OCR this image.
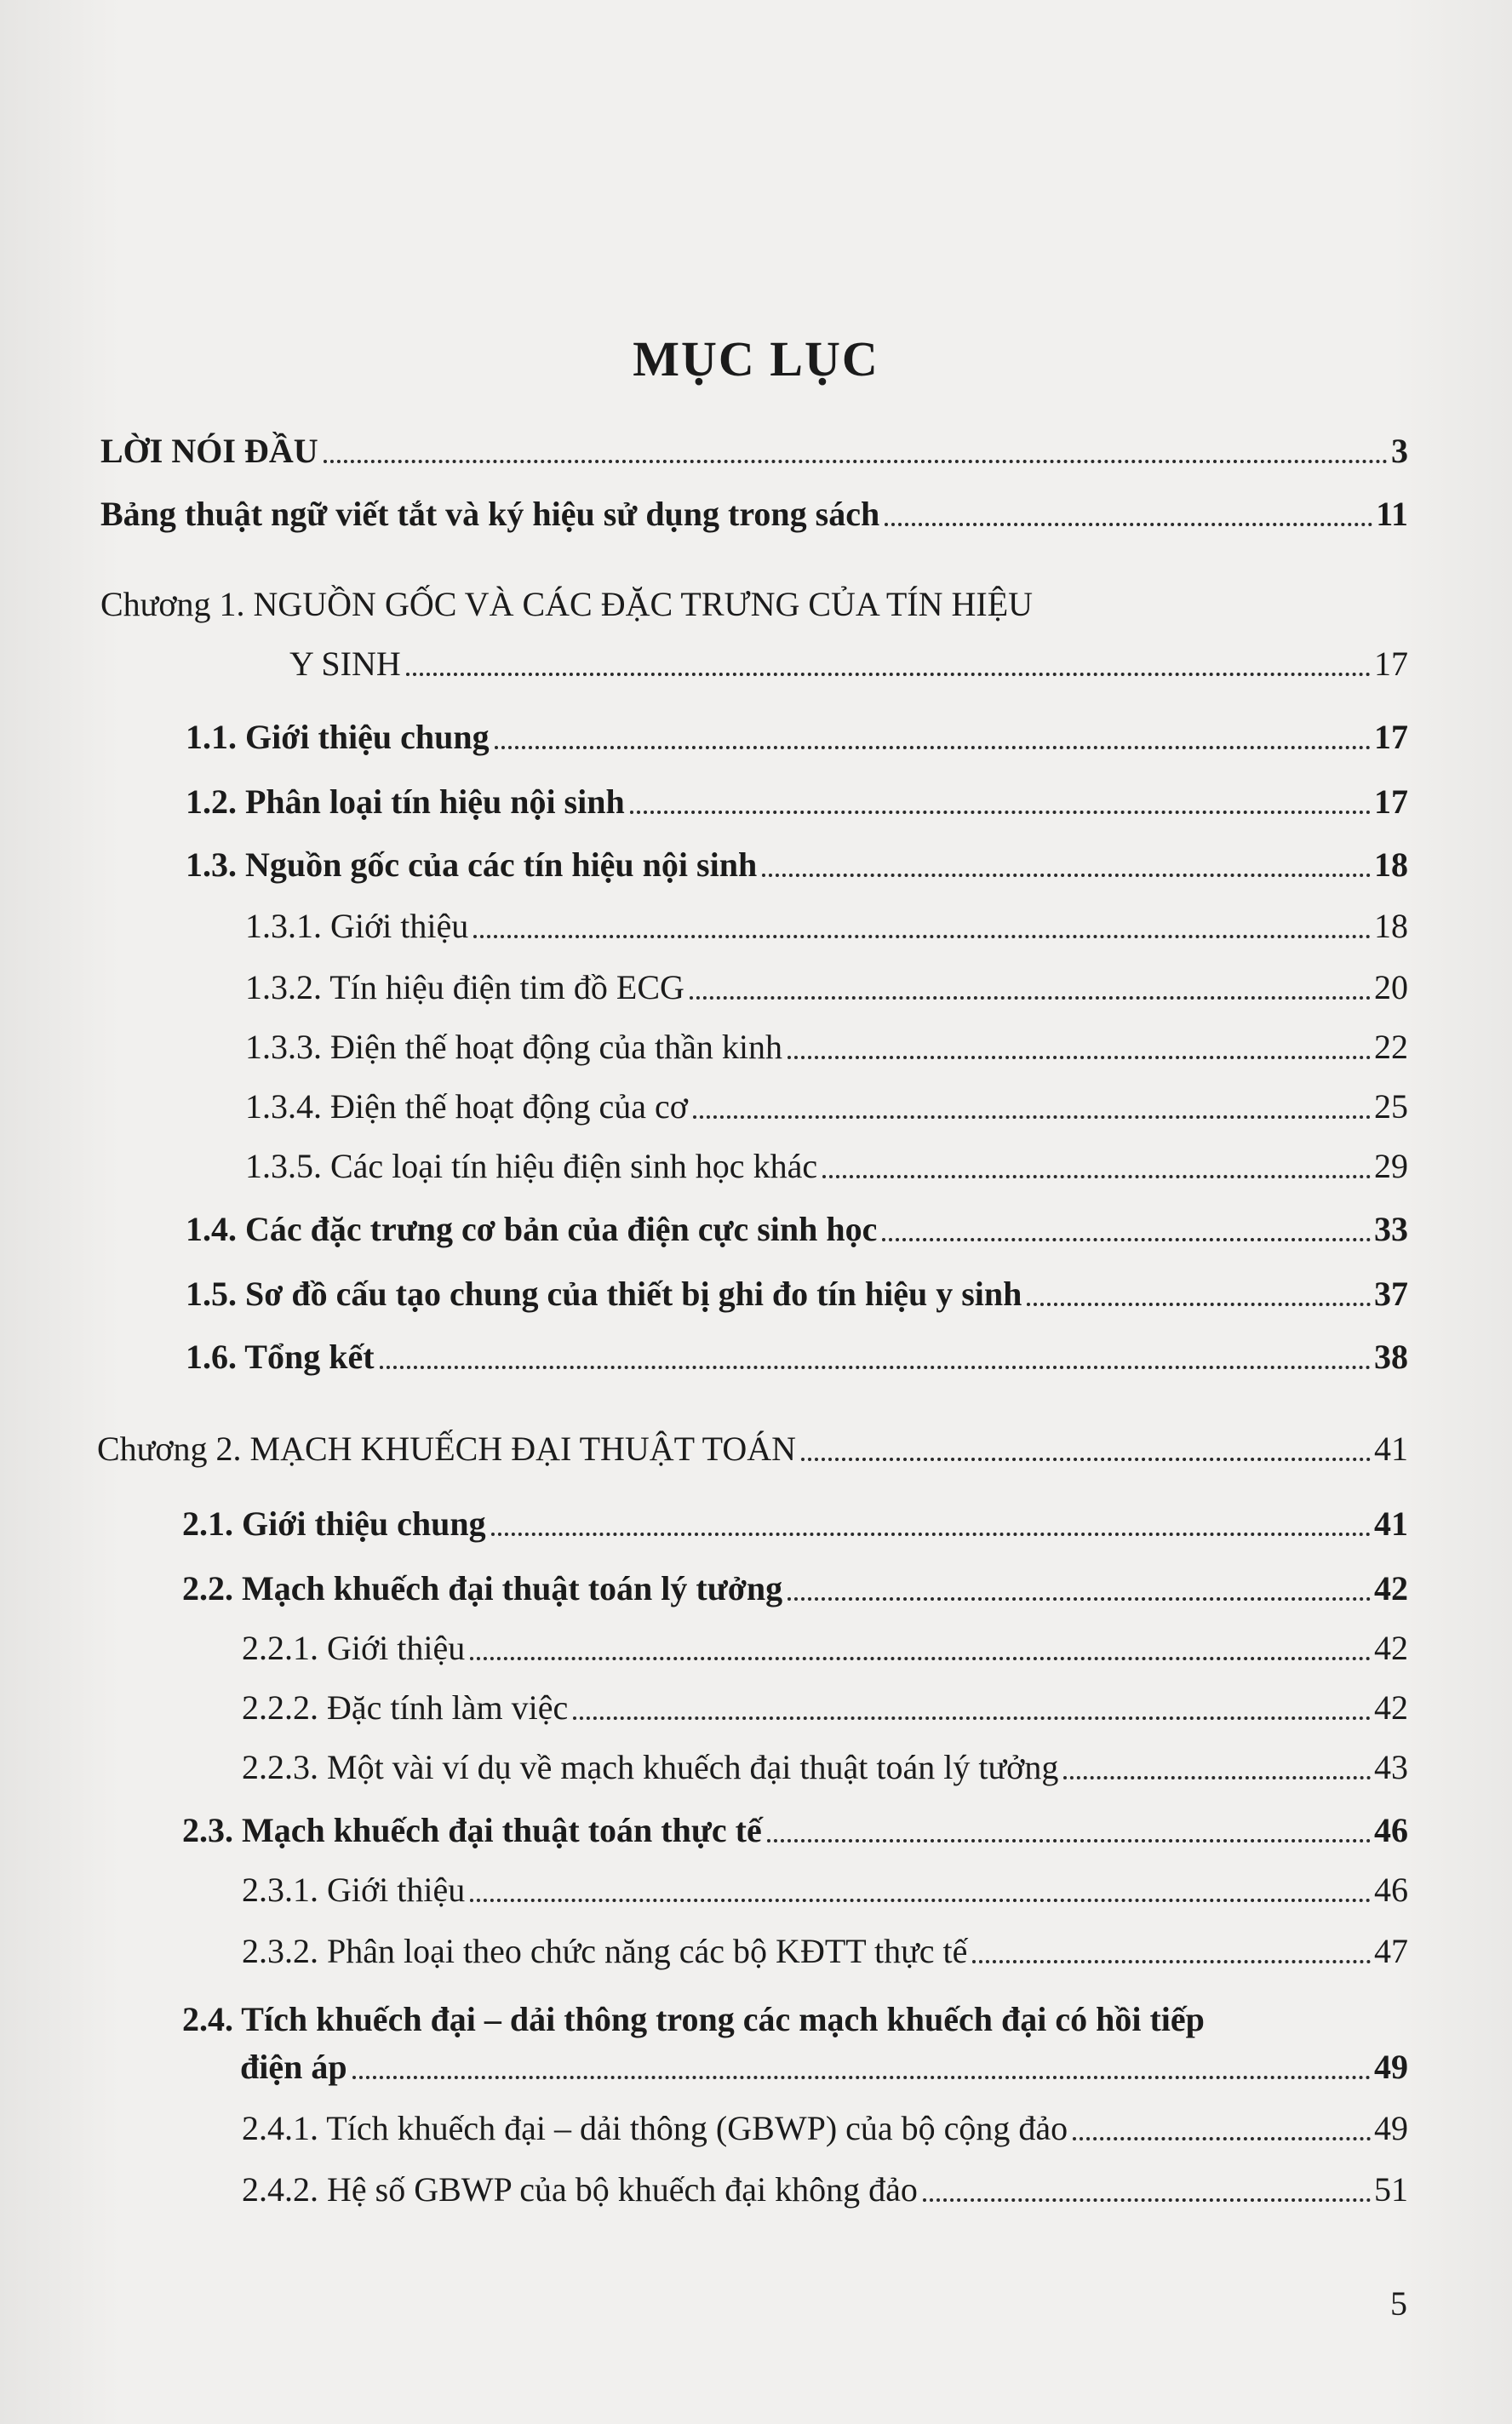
MỤC LỤC
LỜI NÓI ĐẦU	3
Bảng thuật ngữ viết tắt và ký hiệu sử dụng trong sách	11
Chương 1. NGUỒN GỐC VÀ CÁC ĐẶC TRƯNG CỦA TÍN HIỆU
Y SINH	17
1.1. Giới thiệu chung	17
1.2. Phân loại tín hiệu nội sinh	17
1.3. Nguồn gốc của các tín hiệu nội sinh	18
1.3.1. Giới thiệu	18
1.3.2. Tín hiệu điện tim đồ ECG	20
1.3.3. Điện thế hoạt động của thần kinh	22
1.3.4. Điện thế hoạt động của cơ	25
1.3.5. Các loại tín hiệu điện sinh học khác	29
1.4. Các đặc trưng cơ bản của điện cực sinh học	33
1.5. Sơ đồ cấu tạo chung của thiết bị ghi đo tín hiệu y sinh	37
1.6. Tổng kết	38
Chương 2. MẠCH KHUẾCH ĐẠI THUẬT TOÁN	41
2.1. Giới thiệu chung	41
2.2. Mạch khuếch đại thuật toán lý tưởng	42
2.2.1. Giới thiệu	42
2.2.2. Đặc tính làm việc	42
2.2.3. Một vài ví dụ về mạch khuếch đại thuật toán lý tưởng	43
2.3. Mạch khuếch đại thuật toán thực tế	46
2.3.1. Giới thiệu	46
2.3.2. Phân loại theo chức năng các bộ KĐTT thực tế	47
2.4. Tích khuếch đại – dải thông trong các mạch khuếch đại có hồi tiếp
điện áp	49
2.4.1. Tích khuếch đại – dải thông (GBWP) của bộ cộng đảo	49
2.4.2. Hệ số GBWP của bộ khuếch đại không đảo	51
5
